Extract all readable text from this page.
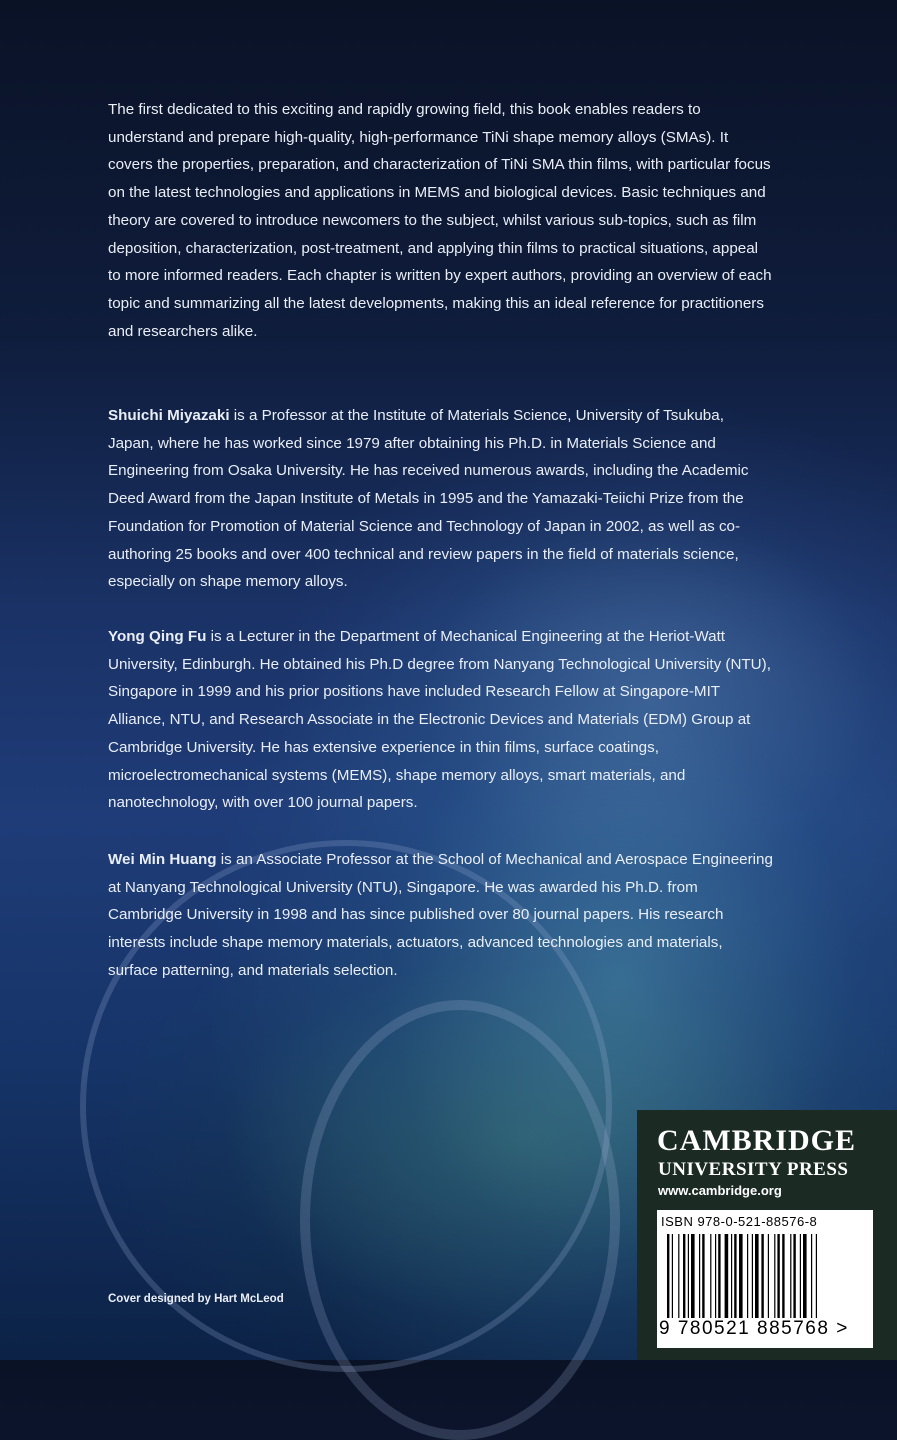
The first dedicated to this exciting and rapidly growing field, this book enables readers to understand and prepare high-quality, high-performance TiNi shape memory alloys (SMAs). It covers the properties, preparation, and characterization of TiNi SMA thin films, with particular focus on the latest technologies and applications in MEMS and biological devices. Basic techniques and theory are covered to introduce newcomers to the subject, whilst various sub-topics, such as film deposition, characterization, post-treatment, and applying thin films to practical situations, appeal to more informed readers. Each chapter is written by expert authors, providing an overview of each topic and summarizing all the latest developments, making this an ideal reference for practitioners and researchers alike.

Shuichi Miyazaki is a Professor at the Institute of Materials Science, University of Tsukuba, Japan, where he has worked since 1979 after obtaining his Ph.D. in Materials Science and Engineering from Osaka University. He has received numerous awards, including the Academic Deed Award from the Japan Institute of Metals in 1995 and the Yamazaki-Teiichi Prize from the Foundation for Promotion of Material Science and Technology of Japan in 2002, as well as co-authoring 25 books and over 400 technical and review papers in the field of materials science, especially on shape memory alloys.

Yong Qing Fu is a Lecturer in the Department of Mechanical Engineering at the Heriot-Watt University, Edinburgh. He obtained his Ph.D degree from Nanyang Technological University (NTU), Singapore in 1999 and his prior positions have included Research Fellow at Singapore-MIT Alliance, NTU, and Research Associate in the Electronic Devices and Materials (EDM) Group at Cambridge University. He has extensive experience in thin films, surface coatings, microelectromechanical systems (MEMS), shape memory alloys, smart materials, and nanotechnology, with over 100 journal papers.

Wei Min Huang is an Associate Professor at the School of Mechanical and Aerospace Engineering at Nanyang Technological University (NTU), Singapore. He was awarded his Ph.D. from Cambridge University in 1998 and has since published over 80 journal papers. His research interests include shape memory materials, actuators, advanced technologies and materials, surface patterning, and materials selection.

Cover designed by Hart McLeod
CAMBRIDGE
UNIVERSITY PRESS
www.cambridge.org
ISBN 978-0-521-88576-8
9 780521 885768 >
